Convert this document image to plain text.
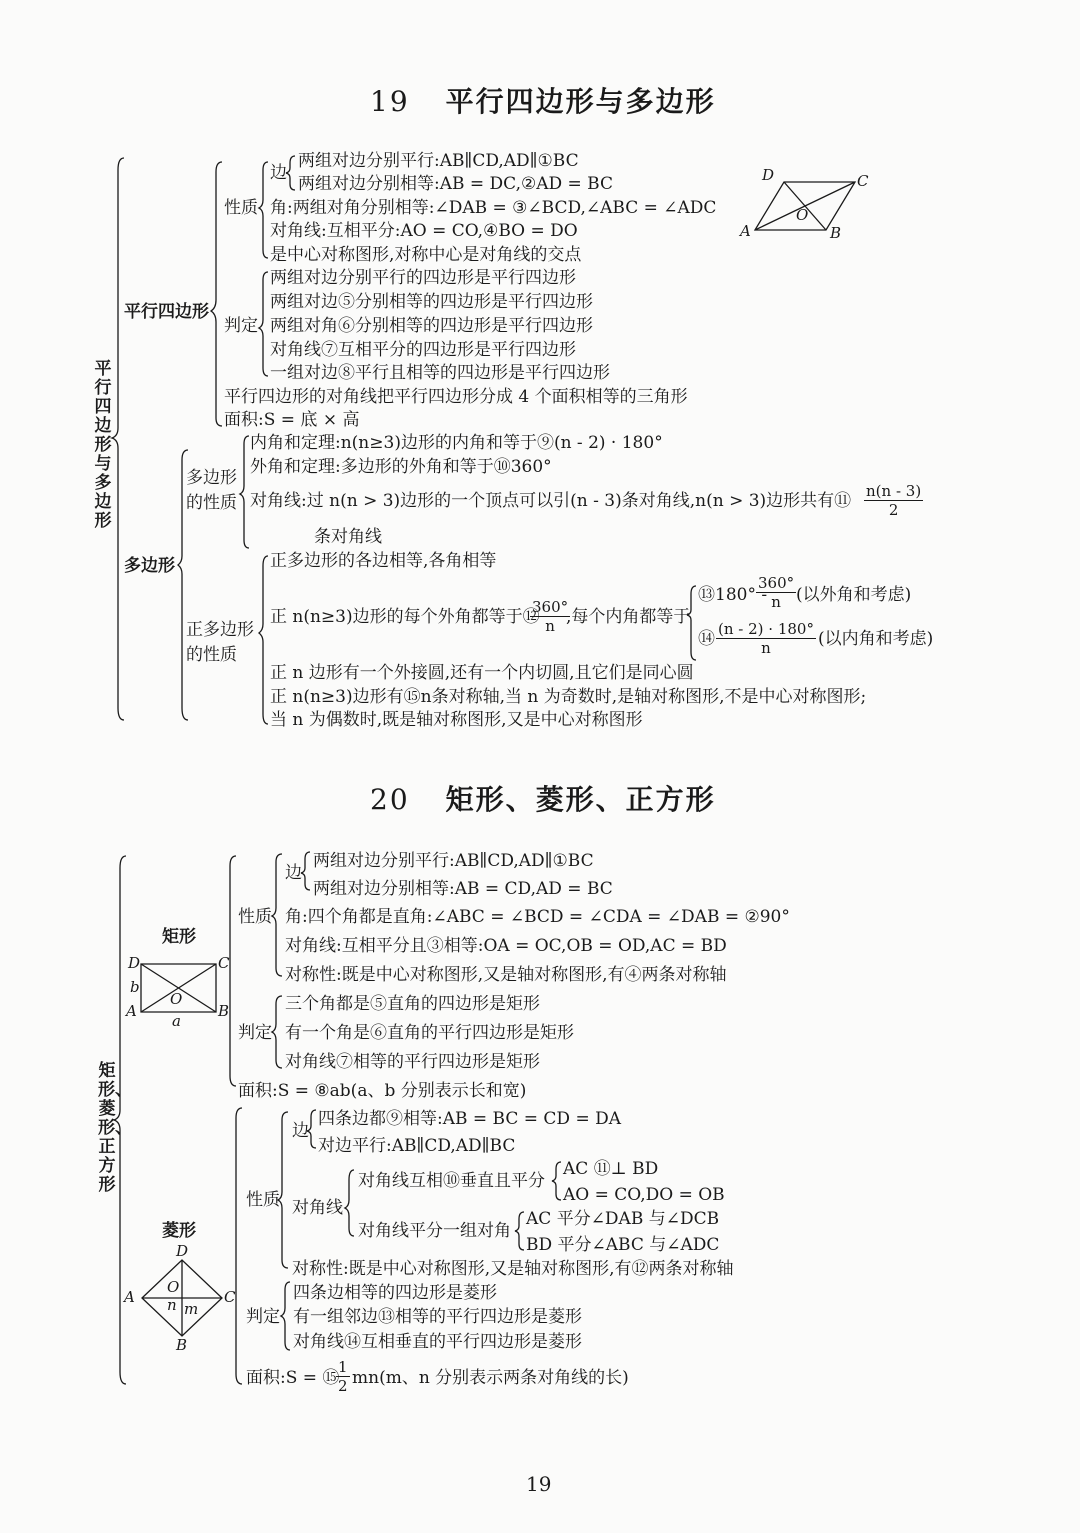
19 平行四边形与多边形
平行四边形与多边形
平行四边形
性质
边
两组对边分别平行:AB∥CD,AD∥①BC
两组对边分别相等:AB = DC,②AD = BC
角:两组对角分别相等:∠DAB = ③∠BCD,∠ABC = ∠ADC
对角线:互相平分:AO = CO,④BO = DO
是中心对称图形,对称中心是对角线的交点
判定
两组对边分别平行的四边形是平行四边形
两组对边⑤分别相等的四边形是平行四边形
两组对角⑥分别相等的四边形是平行四边形
对角线⑦互相平分的四边形是平行四边形
一组对边⑧平行且相等的四边形是平行四边形
平行四边形的对角线把平行四边形分成 4 个面积相等的三角形
面积:S = 底 × 高
D	C
A	B
O
多边形
多边形的性质
内角和定理:n(n≥3)边形的内角和等于⑨(n - 2) · 180°
外角和定理:多边形的外角和等于⑩360°
对角线:过 n(n > 3)边形的一个顶点可以引(n - 3)条对角线,n(n > 3)边形共有⑪ $\frac{n(n - 3)}{2}$
条对角线
正多边形的性质
正多边形的各边相等,各角相等
正 n(n≥3)边形的每个外角都等于⑫
$\frac{360^\circ}{n}$
,每个内角都等于
⑬180° -
$\frac{360^\circ}{n}$ (以外角和考虑)
⑭ $\frac{(n - 2) \cdot 180^\circ}{n}$ (以内角和考虑)
正 n 边形有一个外接圆,还有一个内切圆,且它们是同心圆
正 n(n≥3)边形有⑮n条对称轴,当 n 为奇数时,是轴对称图形,不是中心对称图形;
当 n 为偶数时,既是轴对称图形,又是中心对称图形
20 矩形、菱形、正方形
矩形、菱形、正方形
矩形
D	C
A	B
O
b
a
性质
边
两组对边分别平行:AB∥CD,AD∥①BC
两组对边分别相等:AB = CD,AD = BC
角:四个角都是直角:∠ABC = ∠BCD = ∠CDA = ∠DAB = ②90°
对角线:互相平分且③相等:OA = OC,OB = OD,AC = BD
对称性:既是中心对称图形,又是轴对称图形,有④两条对称轴
判定
三个角都是⑤直角的四边形是矩形
有一个角是⑥直角的平行四边形是矩形
对角线⑦相等的平行四边形是矩形
面积:S = ⑧ab(a、b 分别表示长和宽)
菱形
D
A	C
B
O
n m
性质
边
四条边都⑨相等:AB = BC = CD = DA
对边平行:AB∥CD,AD∥BC
对角线
对角线互相⑩垂直且平分
AC ⑪⊥ BD
AO = CO,DO = OB
对角线平分一组对角
AC 平分∠DAB 与∠DCB
BD 平分∠ABC 与∠ADC
对称性:既是中心对称图形,又是轴对称图形,有⑫两条对称轴
判定
四条边相等的四边形是菱形
有一组邻边⑬相等的平行四边形是菱形
对角线⑭互相垂直的平行四边形是菱形
面积:S = ⑮
$\frac{1}{2} mn(m$、n 分别表示两条对角线的长)
19
